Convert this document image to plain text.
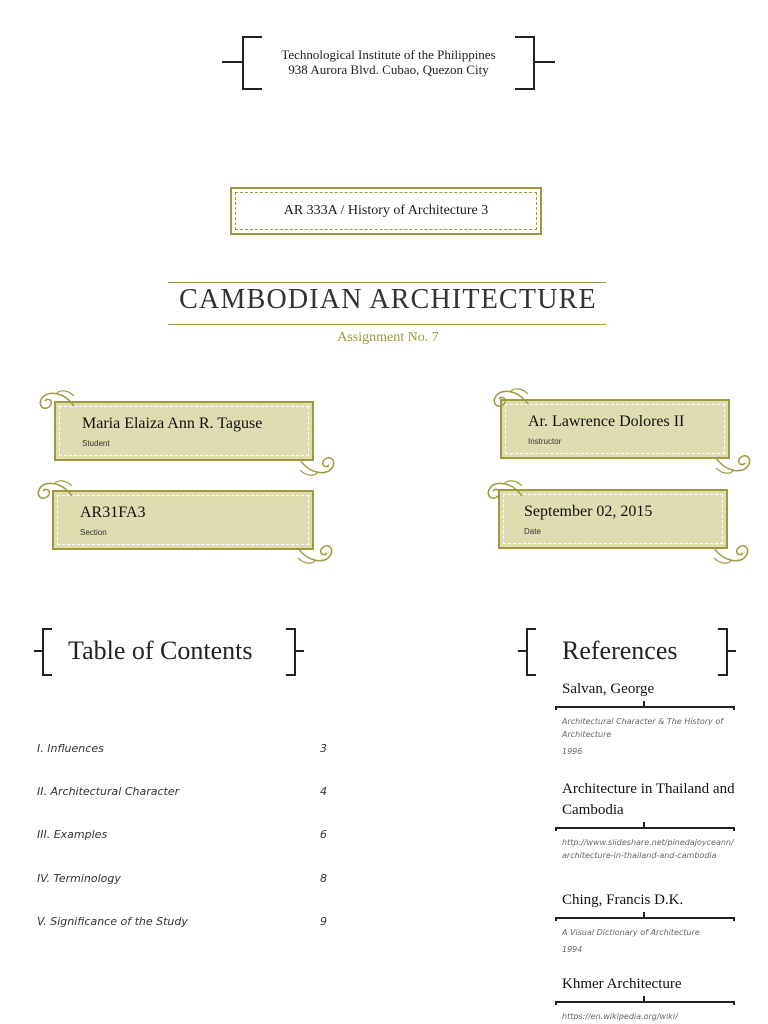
Technological Institute of the Philippines
938 Aurora Blvd. Cubao, Quezon City
AR 333A / History of Architecture 3
CAMBODIAN ARCHITECTURE
Assignment No. 7
Maria Elaiza Ann R. Taguse
Student
Ar. Lawrence Dolores II
Instructor
AR31FA3
Section
September 02, 2015
Date
Table of Contents
I. Influences	3
II. Architectural Character	4
III. Examples	6
IV. Terminology	8
V. Significance of the Study	9
References
Salvan, George
Architectural Character & The History of Architecture
1996
Architecture in Thailand and Cambodia
http://www.slideshare.net/pinedajoyceann/ architecture-in-thailand-and-cambodia
Ching, Francis D.K.
A Visual Dictionary of Architecture
1994
Khmer Architecture
https://en.wikipedia.org/wiki/
